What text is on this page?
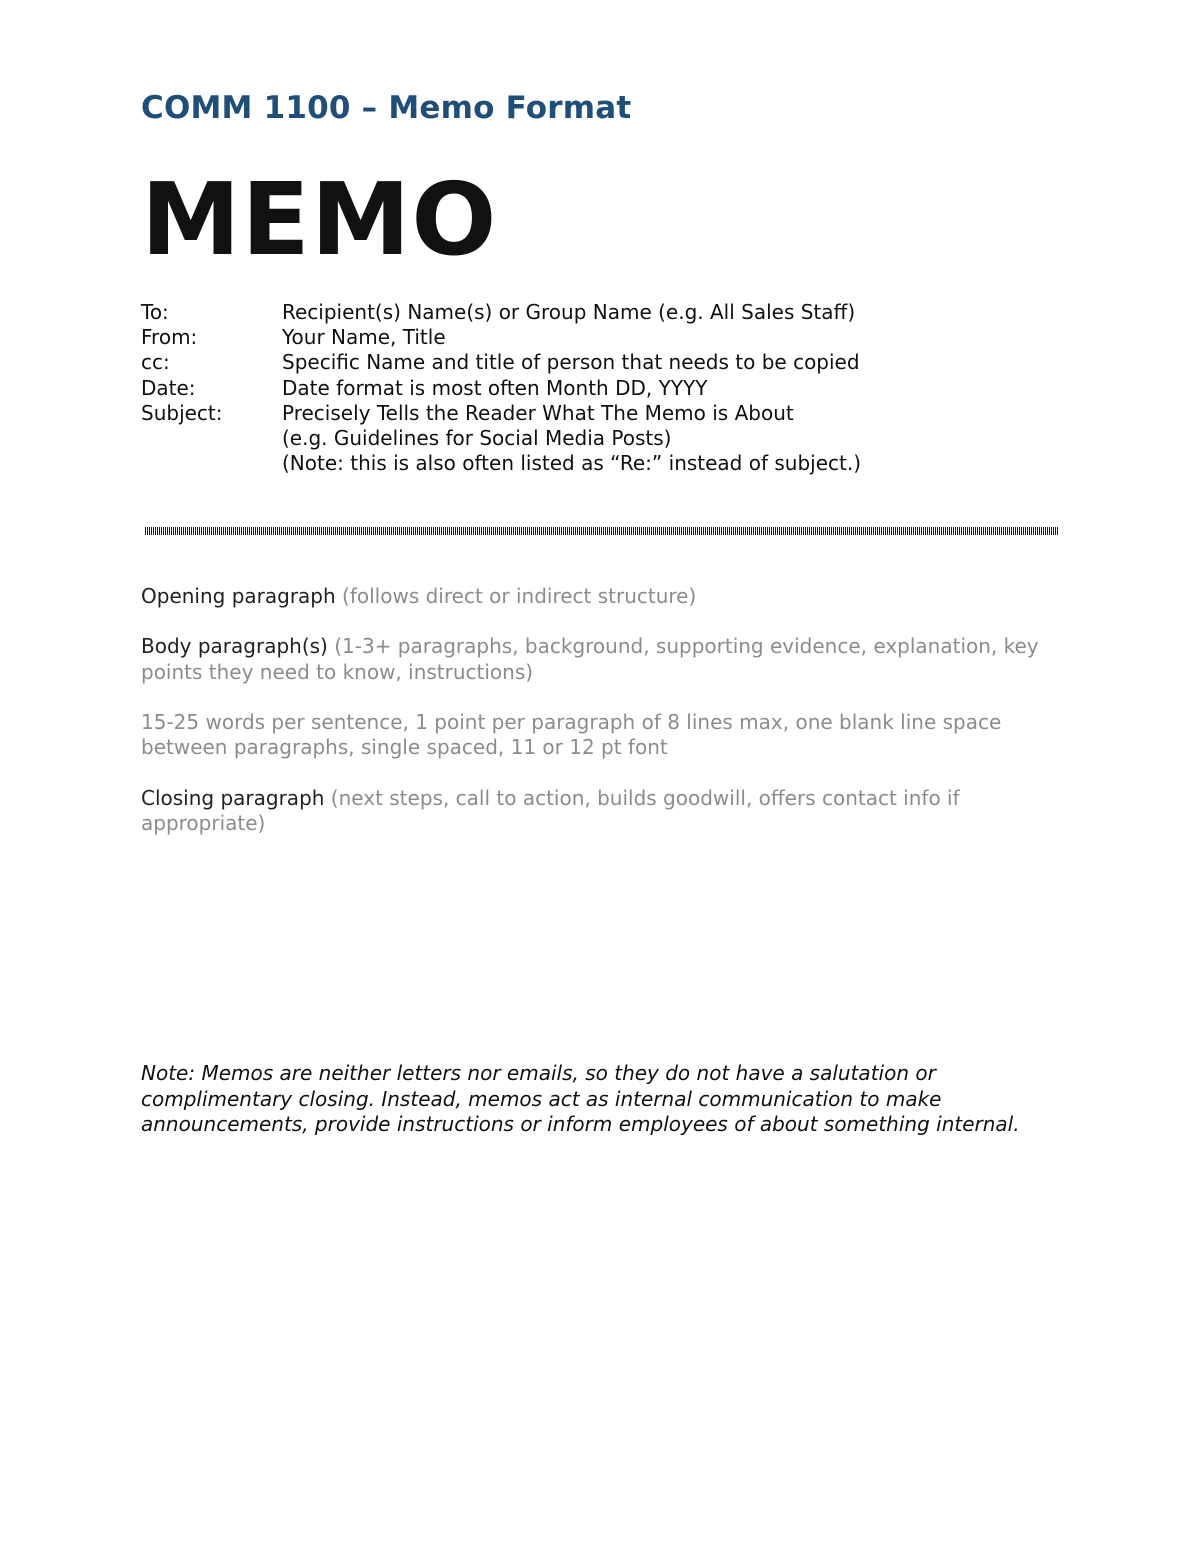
COMM 1100 – Memo Format
MEMO
To:	Recipient(s) Name(s) or Group Name (e.g. All Sales Staff)
From:	Your Name, Title
cc:	Specific Name and title of person that needs to be copied
Date:	Date format is most often Month DD, YYYY
Subject:	Precisely Tells the Reader What The Memo is About
(e.g. Guidelines for Social Media Posts)
(Note: this is also often listed as “Re:” instead of subject.)

Opening paragraph (follows direct or indirect structure)

Body paragraph(s) (1-3+ paragraphs, background, supporting evidence, explanation, key points they need to know, instructions)

15-25 words per sentence, 1 point per paragraph of 8 lines max, one blank line space between paragraphs, single spaced, 11 or 12 pt font

Closing paragraph (next steps, call to action, builds goodwill, offers contact info if appropriate)

Note: Memos are neither letters nor emails, so they do not have a salutation or complimentary closing. Instead, memos act as internal communication to make announcements, provide instructions or inform employees of about something internal.
